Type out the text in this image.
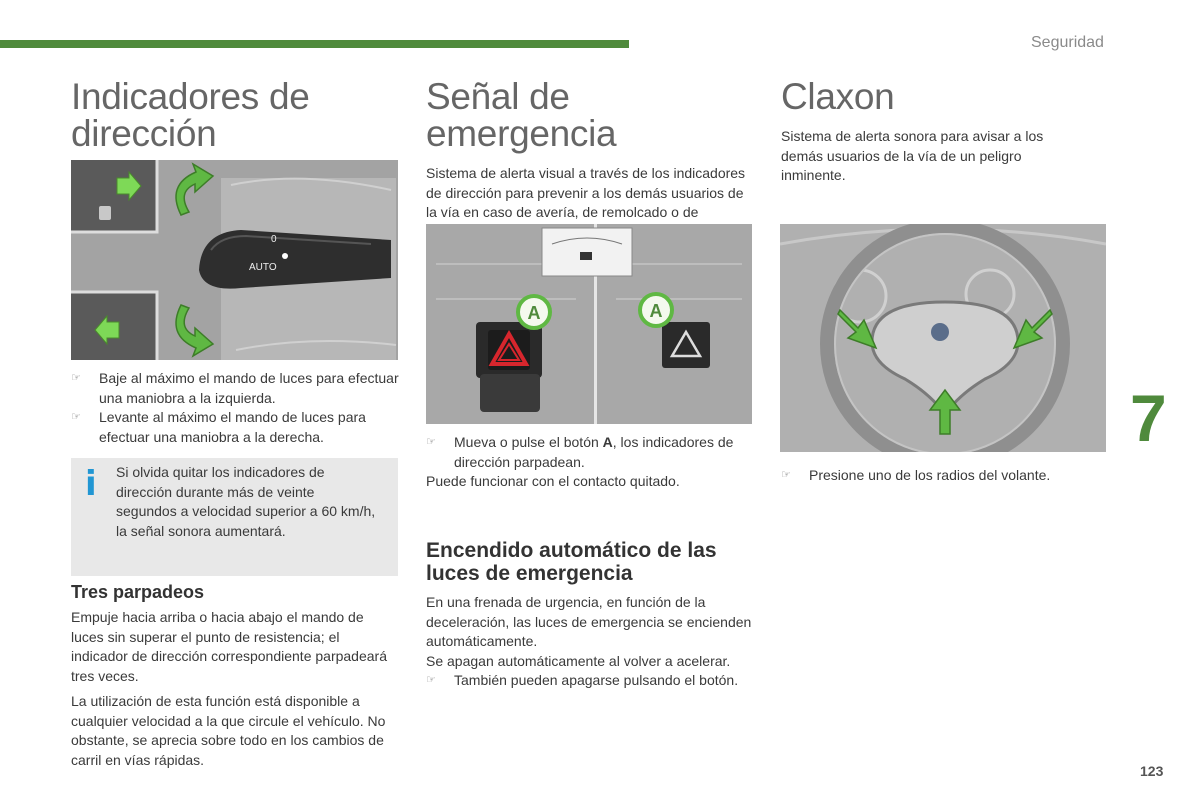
Seguridad
7
123
Indicadores de
dirección
AUTO
0
☞ Baje al máximo el mando de luces para efectuar una maniobra a la izquierda.
☞ Levante al máximo el mando de luces para efectuar una maniobra a la derecha.
i Si olvida quitar los indicadores de dirección durante más de veinte segundos a velocidad superior a 60 km/h, la señal sonora aumentará.

Tres parpadeos

Empuje hacia arriba o hacia abajo el mando de luces sin superar el punto de resistencia; el indicador de dirección correspondiente parpadeará tres veces.

La utilización de esta función está disponible a cualquier velocidad a la que circule el vehículo. No obstante, se aprecia sobre todo en los cambios de carril en vías rápidas.

Señal de emergencia

Sistema de alerta visual a través de los indicadores de dirección para prevenir a los demás usuarios de la vía en caso de avería, de remolcado o de

A	A
☞ Mueva o pulse el botón A, los indicadores de dirección parpadean.

Puede funcionar con el contacto quitado.

Encendido automático de las luces de emergencia

En una frenada de urgencia, en función de la deceleración, las luces de emergencia se encienden automáticamente.

Se apagan automáticamente al volver a acelerar.

☞ También pueden apagarse pulsando el botón.
Claxon

Sistema de alerta sonora para avisar a los demás usuarios de la vía de un peligro inminente.

☞ Presione uno de los radios del volante.
